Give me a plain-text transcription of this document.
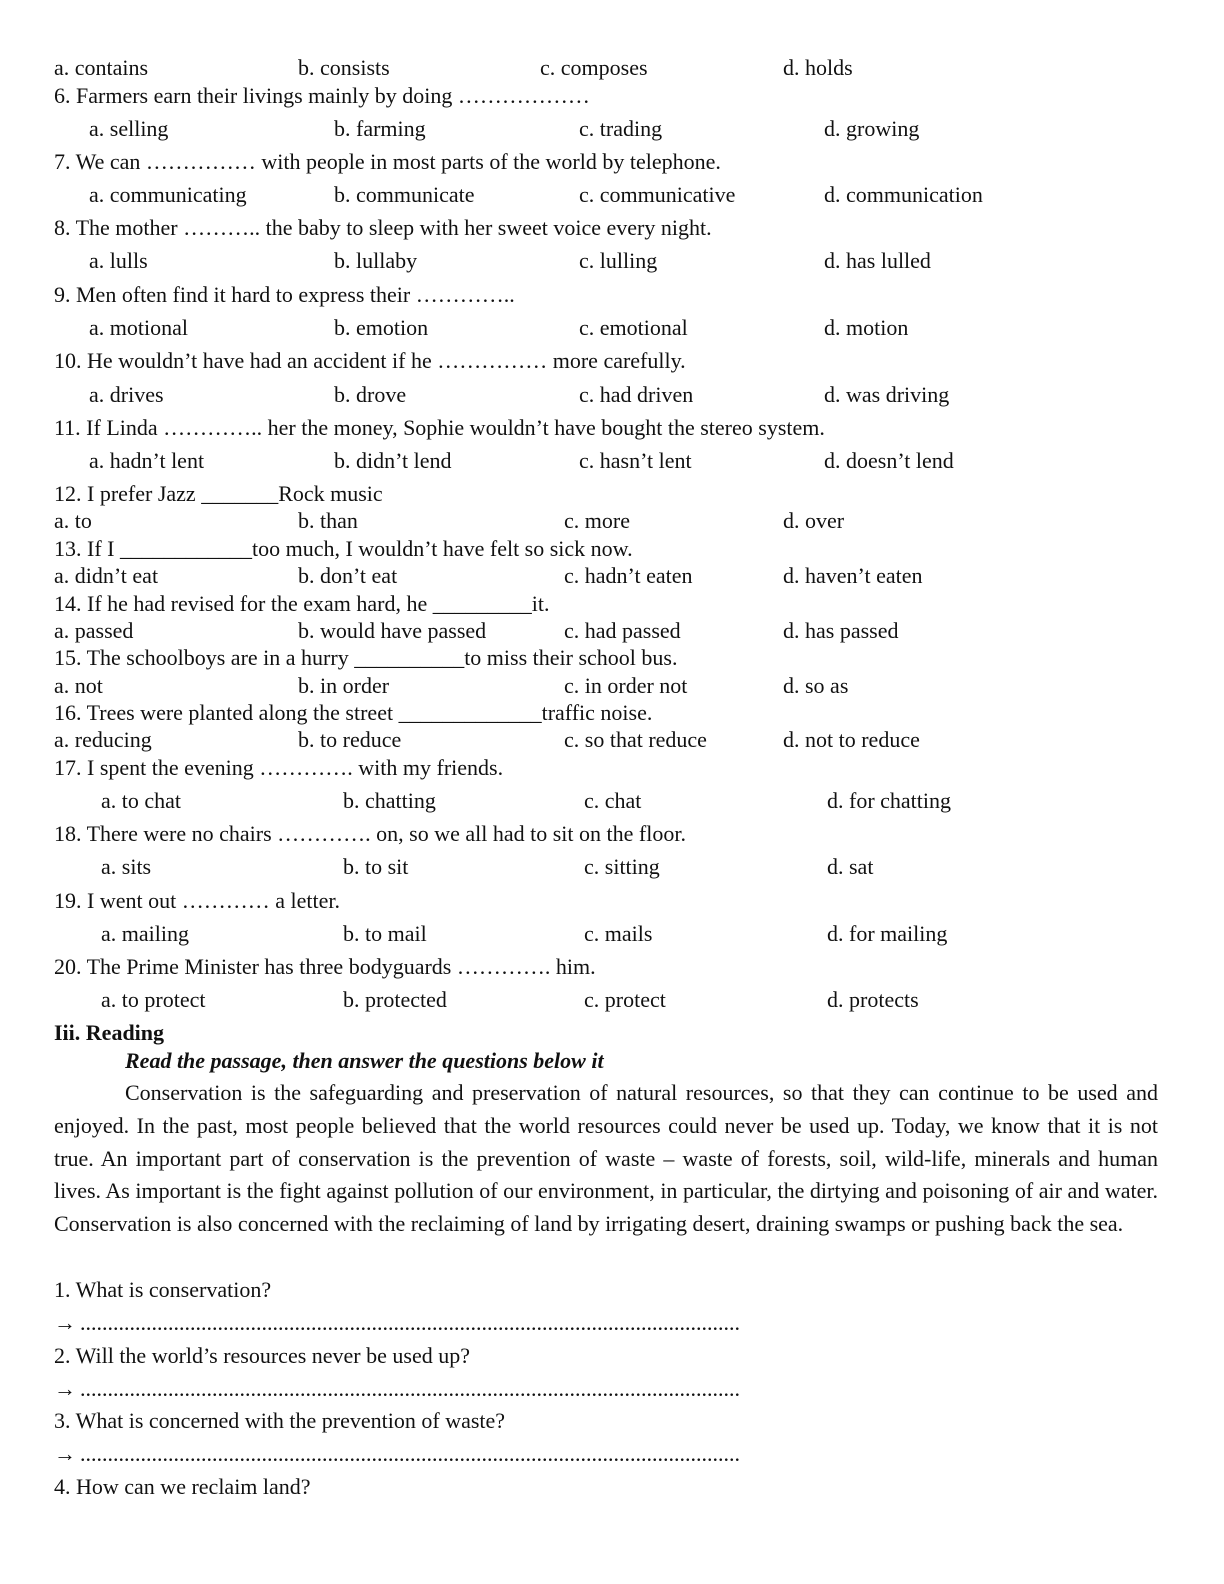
a. contains	b. consists	c. composes	d. holds
6. Farmers earn their livings mainly by doing ………………
a. selling	b. farming	c. trading	d. growing
7. We can …………… with people in most parts of the world by telephone.
a. communicating	b. communicate	c. communicative	d. communication
8. The mother ……….. the baby to sleep with her sweet voice every night.
a. lulls	b. lullaby	c. lulling	d. has lulled
9. Men often find it hard to express their …………..
a. motional	b. emotion	c. emotional	d. motion
10. He wouldn’t have had an accident if he …………… more carefully.
a. drives	b. drove	c. had driven	d. was driving
11. If Linda ………….. her the money, Sophie wouldn’t have bought the stereo system.
a. hadn’t lent	b. didn’t lend	c. hasn’t lent	d. doesn’t lend
12. I prefer Jazz _______Rock music
a. to	b. than	c. more	d. over
13. If I ____________too much, I wouldn’t have felt so sick now.
a. didn’t eat	b. don’t eat	c. hadn’t eaten	d. haven’t eaten
14. If he had revised for the exam hard, he _________it.
a. passed	b. would have passed	c. had passed	d. has passed
15. The schoolboys are in a hurry __________to miss their school bus.
a. not	b. in order	c. in order not	d. so as
16. Trees were planted along the street _____________traffic noise.
a. reducing	b. to reduce	c. so that reduce	d. not to reduce
17. I spent the evening …………. with my friends.
a. to chat	b. chatting	c. chat	d. for chatting
18. There were no chairs …………. on, so we all had to sit on the floor.
a. sits	b. to sit	c. sitting	d. sat
19. I went out ………… a letter.
a. mailing	b. to mail	c. mails	d. for mailing
20. The Prime Minister has three bodyguards …………. him.
a. to protect	b. protected	c. protect	d. protects
Iii. Reading
Read the passage, then answer the questions below it
Conservation is the safeguarding and preservation of natural resources, so that they can continue to be used and enjoyed. In the past, most people believed that the world resources could never be used up. Today, we know that it is not true. An important part of conservation is the prevention of waste – waste of forests, soil, wild-life, minerals and human lives. As important is the fight against pollution of our environment, in particular, the dirtying and poisoning of air and water. Conservation is also concerned with the reclaiming of land by irrigating desert, draining swamps or pushing back the sea.
1. What is conservation?
→ ........................................................................................................................
2. Will the world’s resources never be used up?
→ ........................................................................................................................
3. What is concerned with the prevention of waste?
→ ........................................................................................................................
4. How can we reclaim land?
